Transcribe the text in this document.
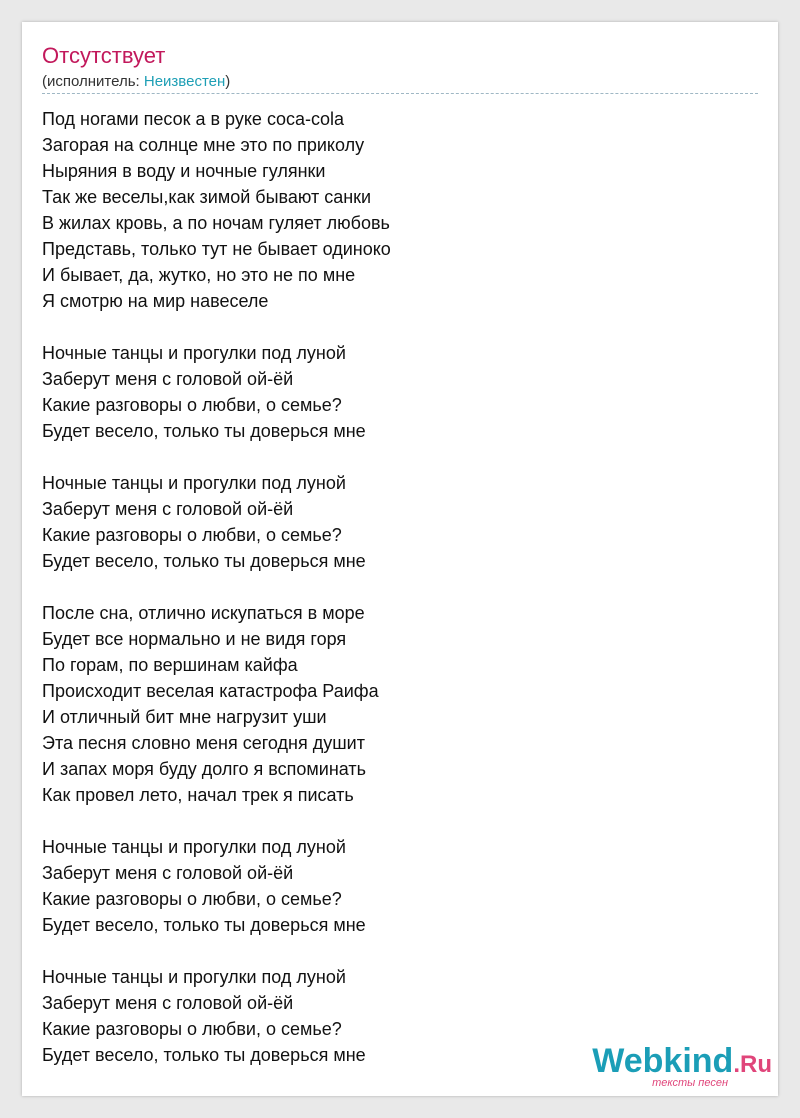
Отсутствует
(исполнитель: Неизвестен)
Под ногами песок а в руке coca-cola
Загорая на солнце мне это по приколу
Ныряния в воду и ночные гулянки
Так же веселы,как зимой бывают санки
В жилах кровь, а по ночам гуляет любовь
Представь, только тут не бывает одиноко
И бывает, да, жутко, но это не по мне
Я смотрю на мир навеселе
Ночные танцы и прогулки под луной
Заберут меня с головой ой-ёй
Какие разговоры о любви, о семье?
Будет весело, только ты доверься мне
Ночные танцы и прогулки под луной
Заберут меня с головой ой-ёй
Какие разговоры о любви, о семье?
Будет весело, только ты доверься мне
После сна, отлично искупаться в море
Будет все нормально и не видя горя
По горам, по вершинам кайфа
Происходит веселая катастрофа Раифа
И отличный бит мне нагрузит уши
Эта песня словно меня сегодня душит
И запах моря буду долго я вспоминать
Как провел лето, начал трек я писать
Ночные танцы и прогулки под луной
Заберут меня с головой ой-ёй
Какие разговоры о любви, о семье?
Будет весело, только ты доверься мне
Ночные танцы и прогулки под луной
Заберут меня с головой ой-ёй
Какие разговоры о любви, о семье?
Будет весело, только ты доверься мне	Webkind.Ru
тексты песен
